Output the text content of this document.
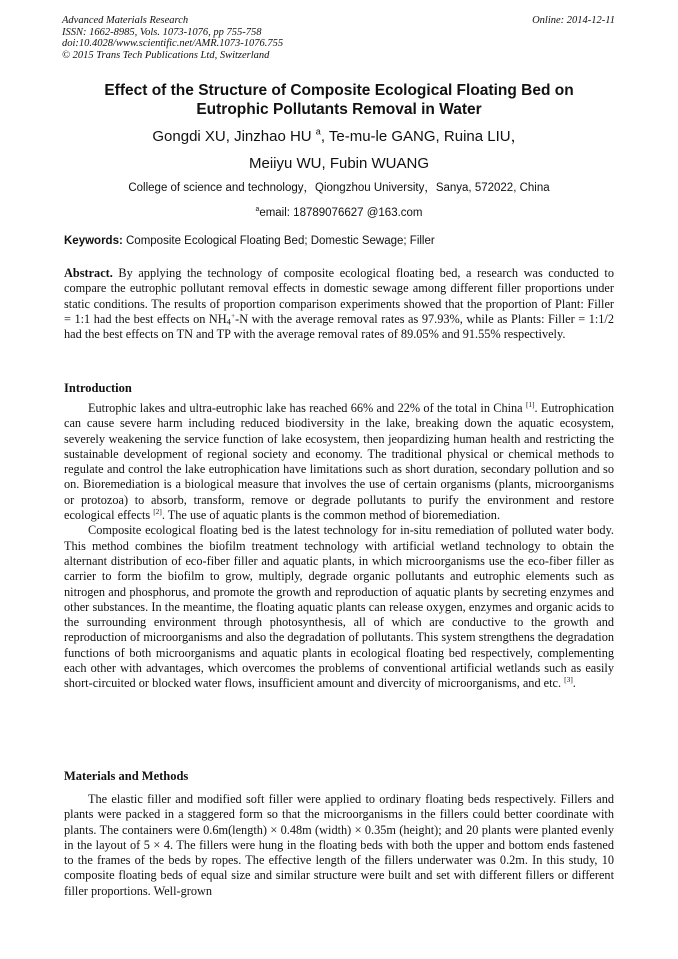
Advanced Materials Research
ISSN: 1662-8985, Vols. 1073-1076, pp 755-758
doi:10.4028/www.scientific.net/AMR.1073-1076.755
© 2015 Trans Tech Publications Ltd, Switzerland
Online: 2014-12-11
Effect of the Structure of Composite Ecological Floating Bed on
Eutrophic Pollutants Removal in Water
Gongdi XU, Jinzhao HU $^a$, Te-mu-le GANG, Ruina LIU，
Meiiyu WU, Fubin WUANG
College of science and technology，Qiongzhou University，Sanya, 572022, China
$^a$email: 18789076627 @163.com
Keywords: Composite Ecological Floating Bed; Domestic Sewage; Filler

Abstract. By applying the technology of composite ecological floating bed, a research was conducted to compare the eutrophic pollutant removal effects in domestic sewage among different filler proportions under static conditions. The results of proportion comparison experiments showed that the proportion of Plant: Filler = 1:1 had the best effects on $NH_4^+-N$ with the average removal rates as 97.93%, while as Plants: Filler = 1:1/2 had the best effects on TN and TP with the average removal rates of 89.05% and 91.55% respectively.

Introduction

Eutrophic lakes and ultra-eutrophic lake has reached 66% and 22% of the total in China [1]. Eutrophication can cause severe harm including reduced biodiversity in the lake, breaking down the aquatic ecosystem, severely weakening the service function of lake ecosystem, then jeopardizing human health and restricting the sustainable development of regional society and economy. The traditional physical or chemical methods to regulate and control the lake eutrophication have limitations such as short duration, secondary pollution and so on. Bioremediation is a biological measure that involves the use of certain organisms (plants, microorganisms or protozoa) to absorb, transform, remove or degrade pollutants to purify the environment and restore ecological effects [2]. The use of aquatic plants is the common method of bioremediation.

Composite ecological floating bed is the latest technology for in-situ remediation of polluted water body. This method combines the biofilm treatment technology with artificial wetland technology to obtain the alternant distribution of eco-fiber filler and aquatic plants, in which microorganisms use the eco-fiber filler as carrier to form the biofilm to grow, multiply, degrade organic pollutants and eutrophic elements such as nitrogen and phosphorus, and promote the growth and reproduction of aquatic plants by secreting enzymes and other substances. In the meantime, the floating aquatic plants can release oxygen, enzymes and organic acids to the surrounding environment through photosynthesis, all of which are conductive to the growth and reproduction of microorganisms and also the degradation of pollutants. This system strengthens the degradation functions of both microorganisms and aquatic plants in ecological floating bed respectively, complementing each other with advantages, which overcomes the problems of conventional artificial wetlands such as easily short-circuited or blocked water flows, insufficient amount and divercity of microorganisms, and etc. [3].

Materials and Methods

The elastic filler and modified soft filler were applied to ordinary floating beds respectively. Fillers and plants were packed in a staggered form so that the microorganisms in the fillers could better coordinate with plants. The containers were 0.6m(length) × 0.48m (width) × 0.35m (height); and 20 plants were planted evenly in the layout of 5 × 4. The fillers were hung in the floating beds with both the upper and bottom ends fastened to the frames of the beds by ropes. The effective length of the fillers underwater was 0.2m. In this study, 10 composite floating beds of equal size and similar structure were built and set with different fillers or different filler proportions. Well-grown
